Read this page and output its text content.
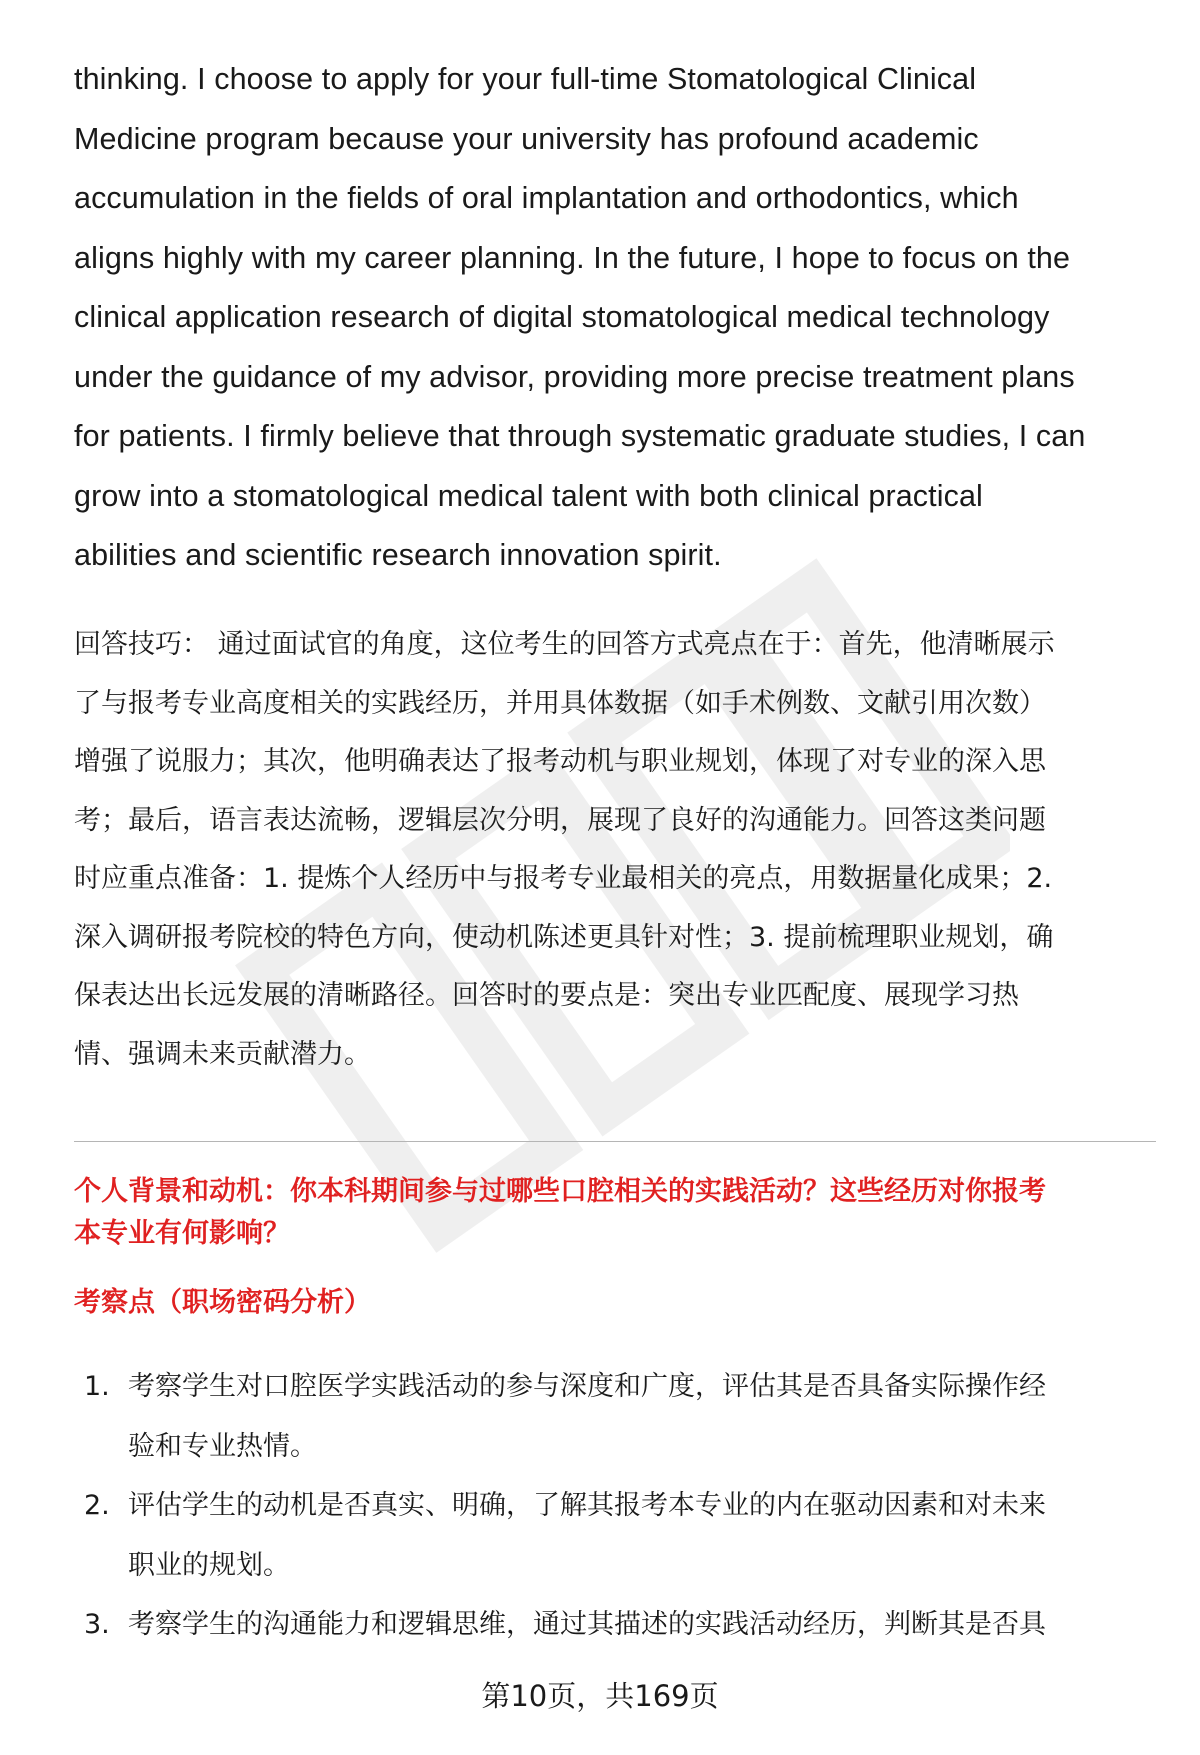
thinking. I choose to apply for your full-time Stomatological Clinical
Medicine program because your university has profound academic
accumulation in the fields of oral implantation and orthodontics, which
aligns highly with my career planning. In the future, I hope to focus on the
clinical application research of digital stomatological medical technology
under the guidance of my advisor, providing more precise treatment plans
for patients. I firmly believe that through systematic graduate studies, I can
grow into a stomatological medical talent with both clinical practical
abilities and scientific research innovation spirit.

回答技巧： 通过面试官的角度，这位考生的回答方式亮点在于：首先，他清晰展示
了与报考专业高度相关的实践经历，并用具体数据（如手术例数、文献引用次数）
增强了说服力；其次，他明确表达了报考动机与职业规划，体现了对专业的深入思
考；最后，语言表达流畅，逻辑层次分明，展现了良好的沟通能力。回答这类问题
时应重点准备：1. 提炼个人经历中与报考专业最相关的亮点，用数据量化成果；2.
深入调研报考院校的特色方向，使动机陈述更具针对性；3. 提前梳理职业规划，确
保表达出长远发展的清晰路径。回答时的要点是：突出专业匹配度、展现学习热
情、强调未来贡献潜力。

个人背景和动机：你本科期间参与过哪些口腔相关的实践活动？这些经历对你报考
本专业有何影响？
考察点（职场密码分析）
1. 考察学生对口腔医学实践活动的参与深度和广度，评估其是否具备实际操作经
验和专业热情。
2. 评估学生的动机是否真实、明确，了解其报考本专业的内在驱动因素和对未来
职业的规划。
3. 考察学生的沟通能力和逻辑思维，通过其描述的实践活动经历，判断其是否具
第10页，共169页
